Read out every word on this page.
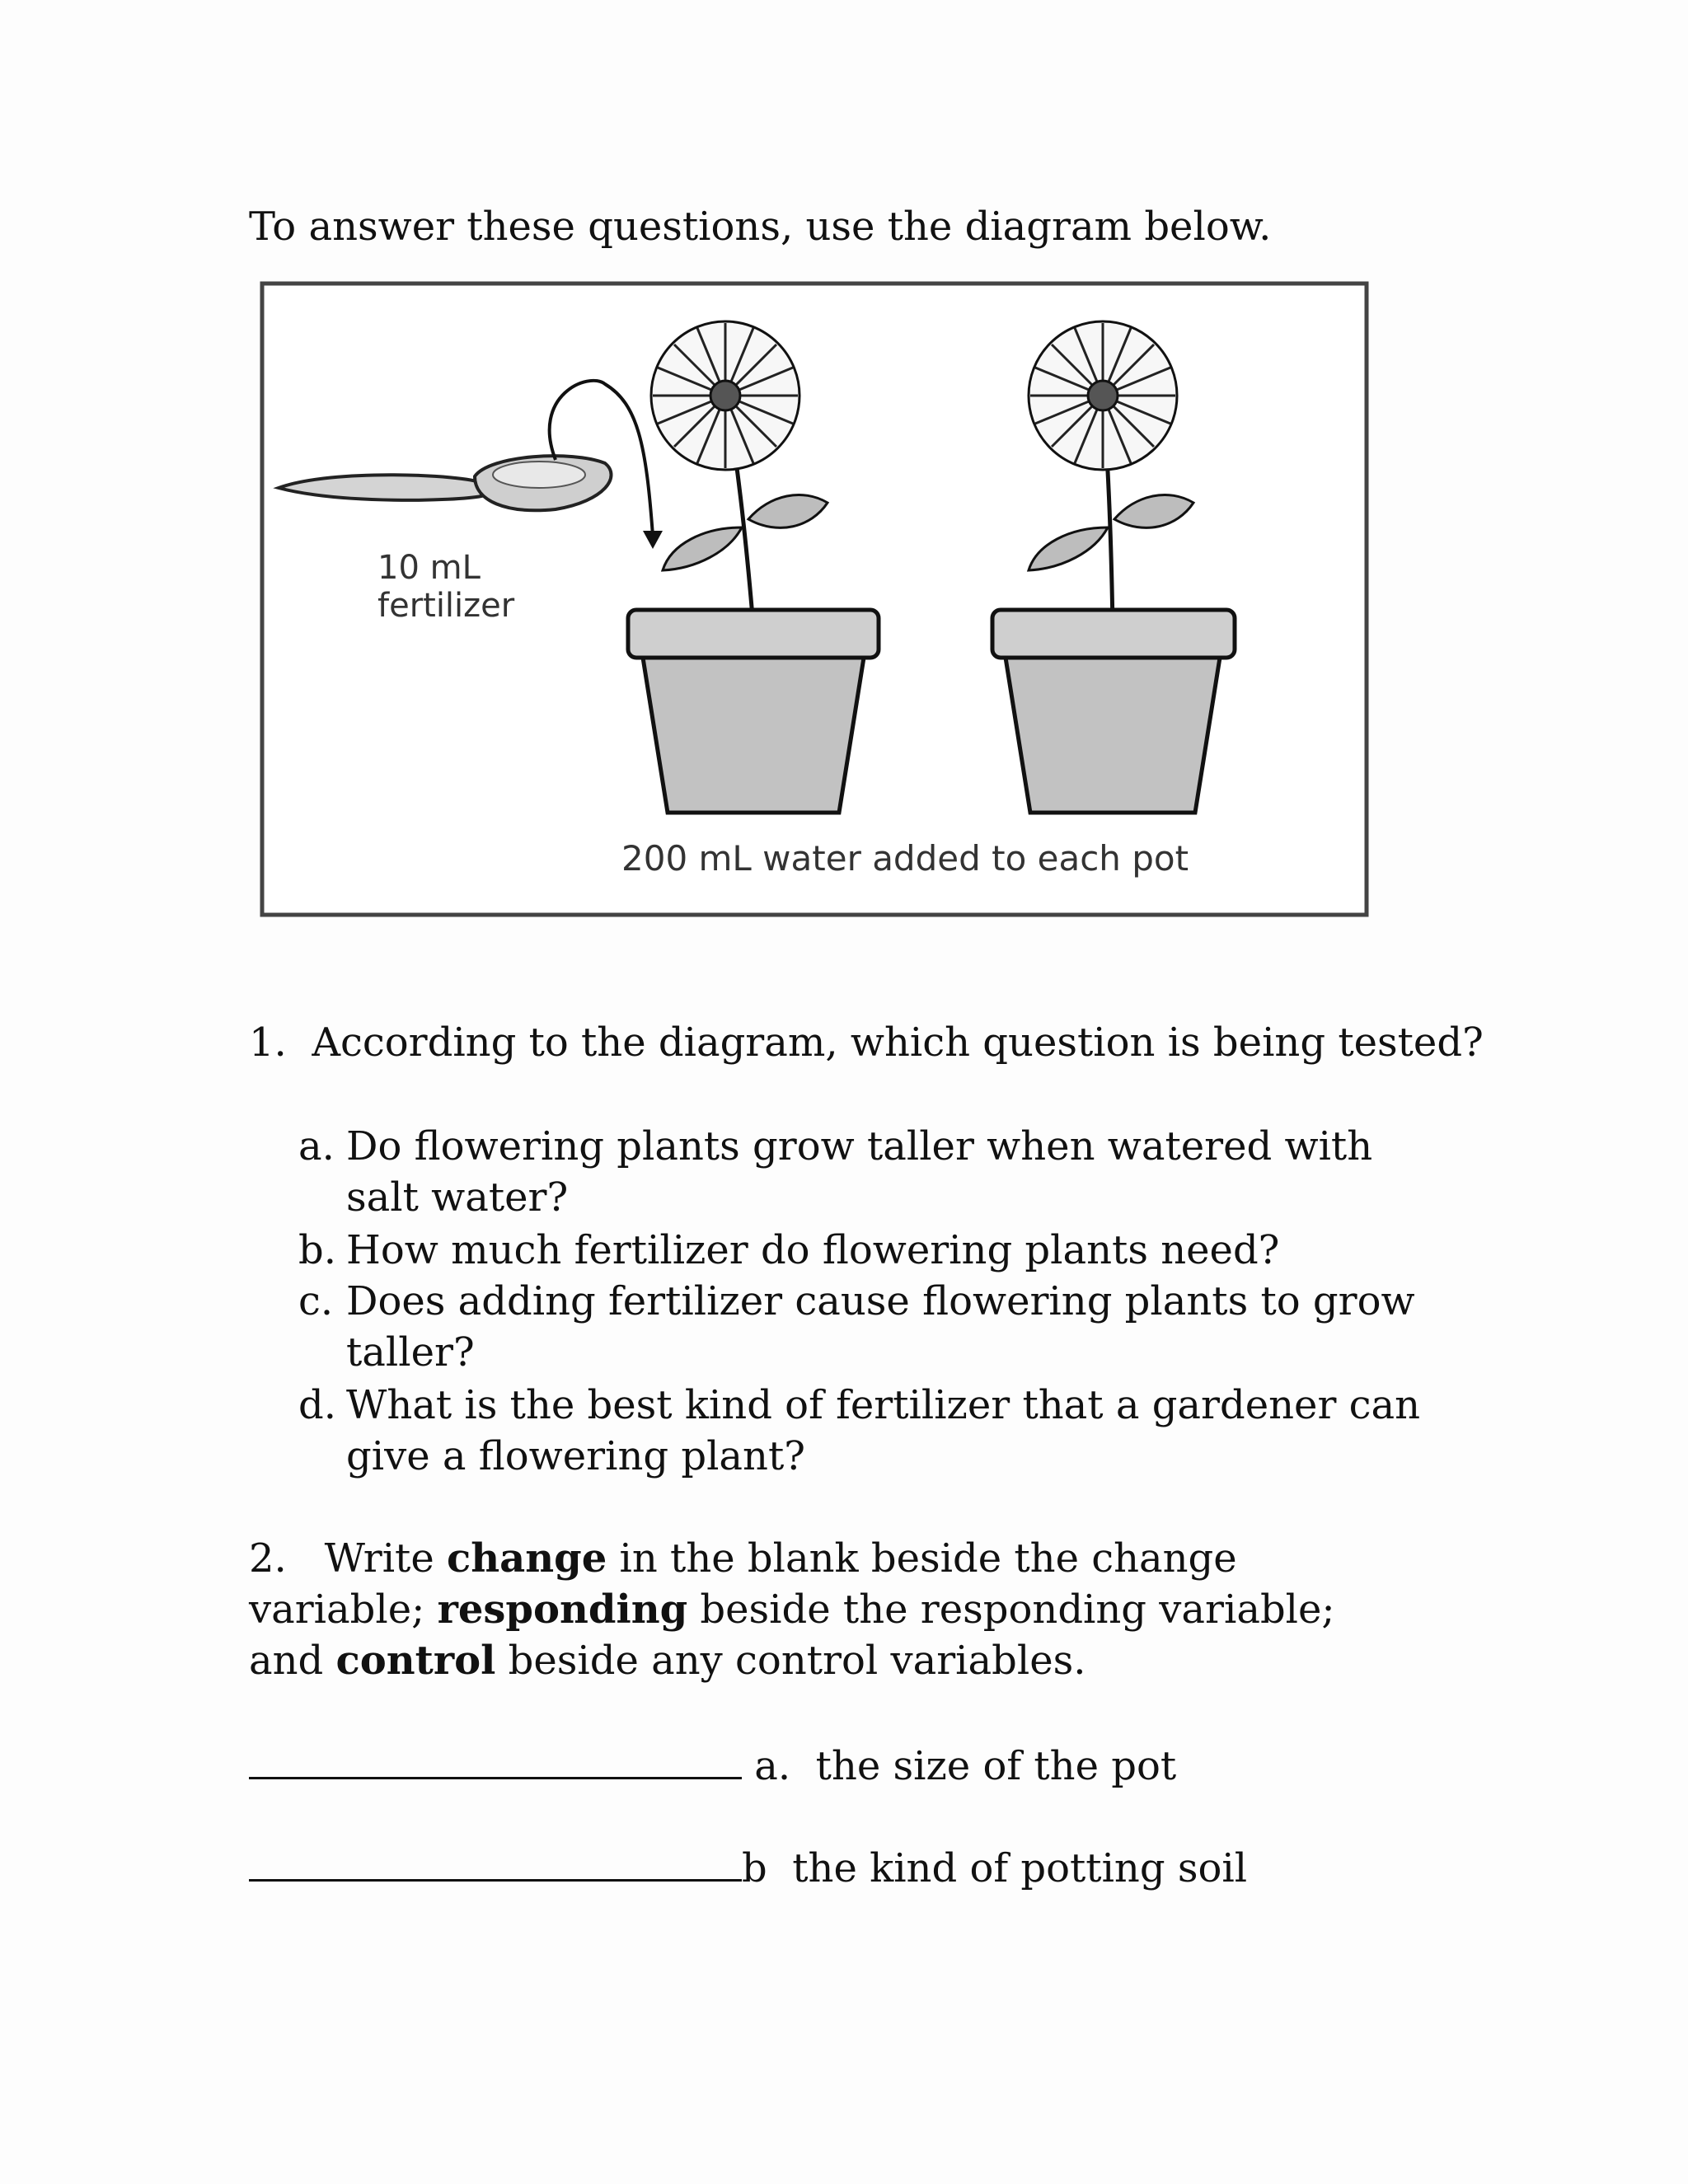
To answer these questions, use the diagram below.
10 mL
fertilizer
200 mL water added to each pot
1. According to the diagram, which question is being tested?
a. Do flowering plants grow taller when watered with salt water?
b. How much fertilizer do flowering plants need?
c. Does adding fertilizer cause flowering plants to grow taller?
d. What is the best kind of fertilizer that a gardener can give a flowering plant?
2. Write change in the blank beside the change variable; responding beside the responding variable; and control beside any control variables.
a. the size of the pot
b the kind of potting soil
